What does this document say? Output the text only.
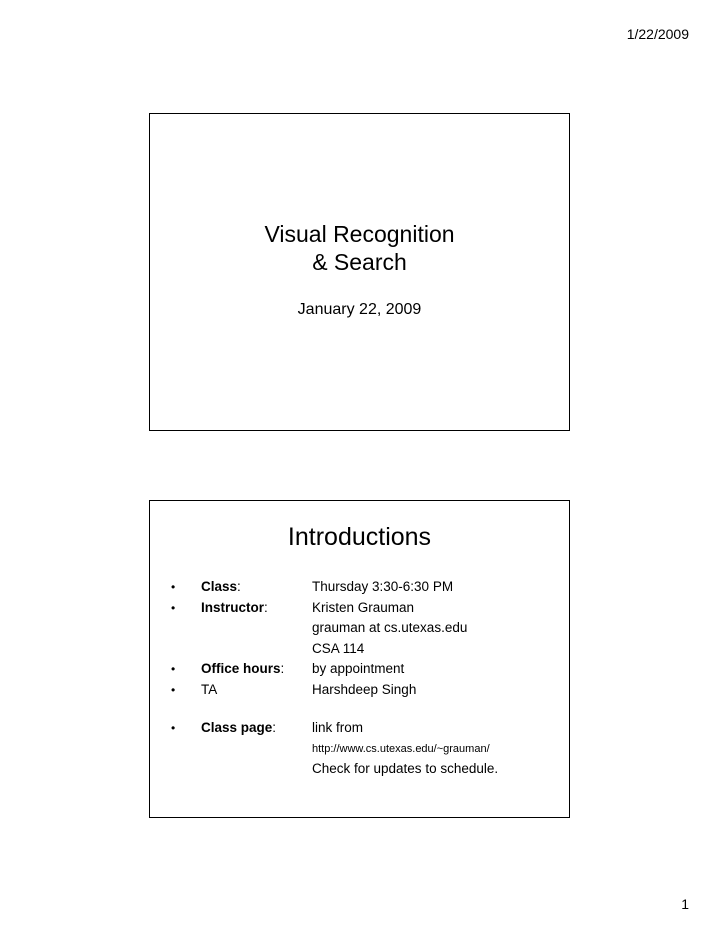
1/22/2009
Visual Recognition
& Search
January 22, 2009
Introductions
•	Class:	Thursday 3:30-6:30 PM
•	Instructor:	Kristen Grauman
grauman at cs.utexas.edu
CSA 114
•	Office hours: by appointment
•	TA	Harshdeep Singh
•	Class page:	link from
http://www.cs.utexas.edu/~grauman/
Check for updates to schedule.
1
